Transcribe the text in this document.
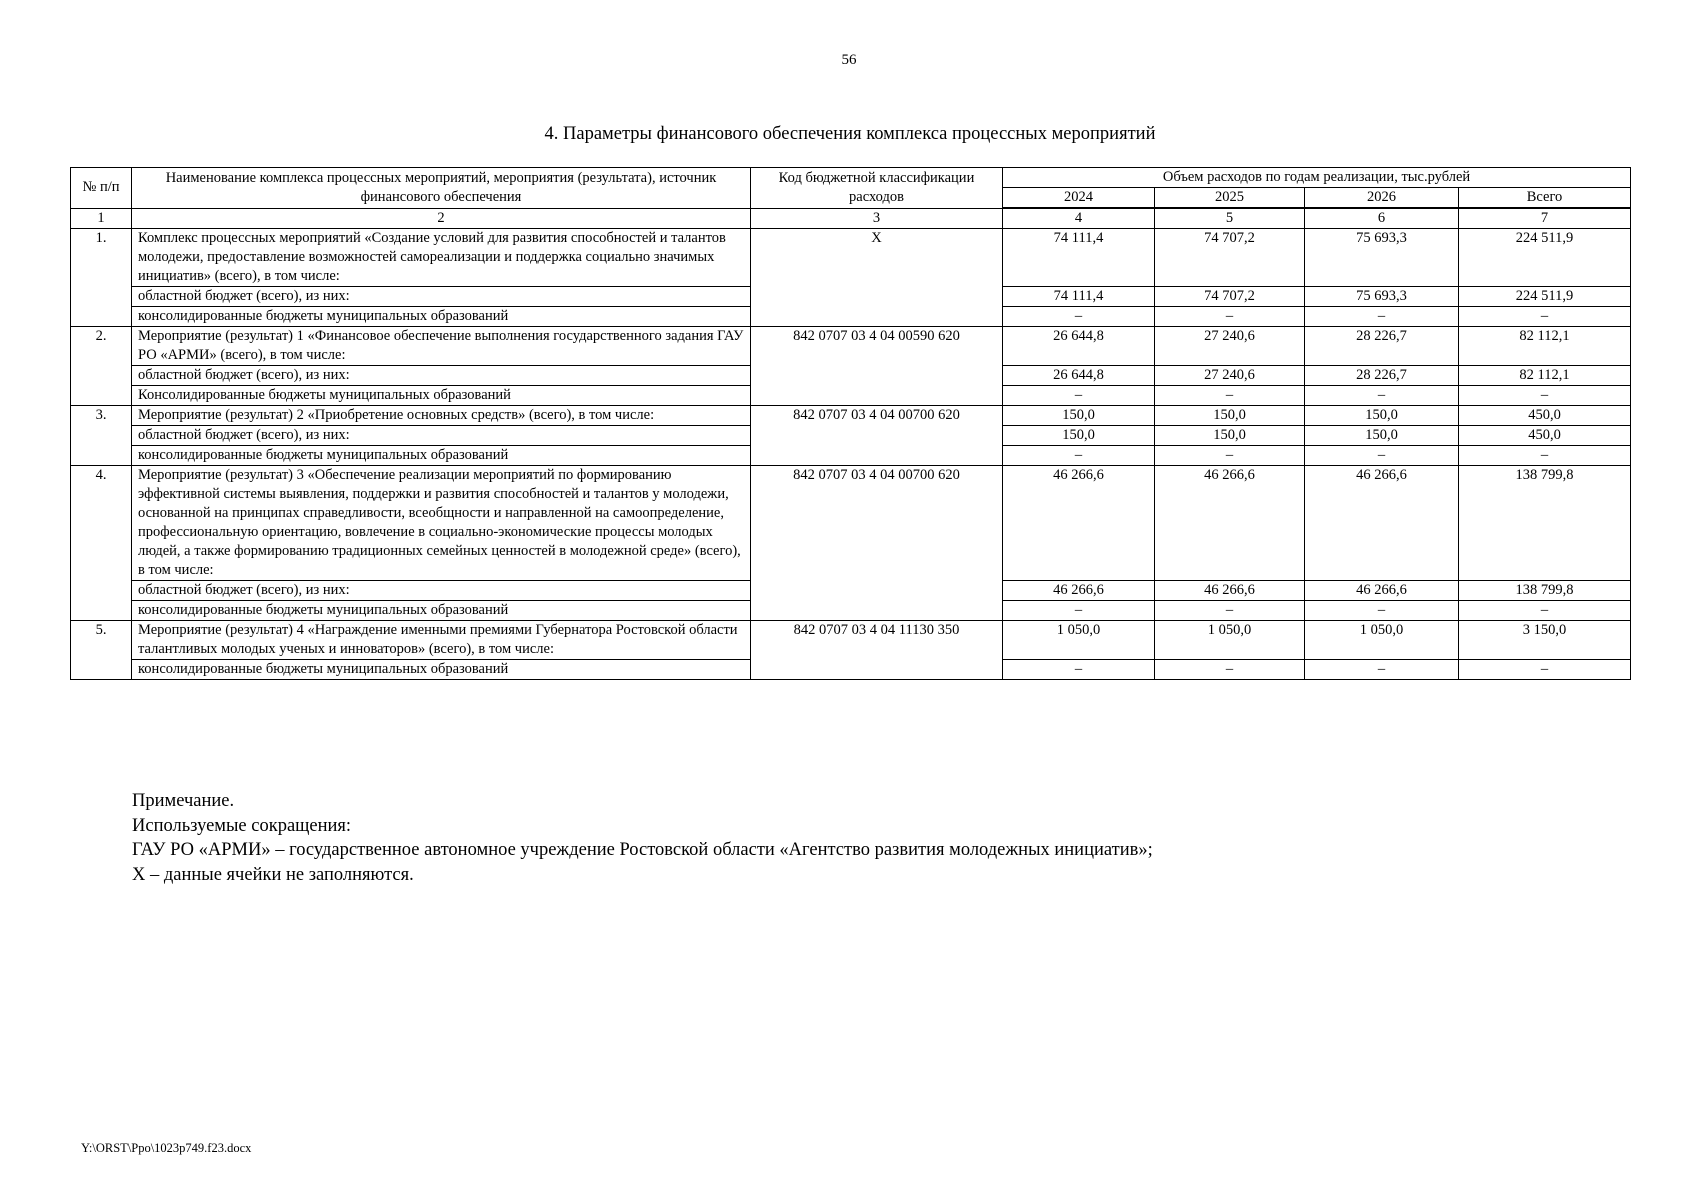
56
4. Параметры финансового обеспечения комплекса процессных мероприятий
№ п/п	Наименование комплекса процессных мероприятий, мероприятия (результата), источник финансового обеспечения	Код бюджетной классификации расходов	Объем расходов по годам реализации, тыс.рублей			
			2024	2025	2026	Всего
1	2	3	4	5	6	7
1.	Комплекс процессных мероприятий «Создание условий для развития способностей и талантов молодежи, предоставление возможностей самореализации и поддержка социально значимых инициатив» (всего), в том числе:	Х	74 111,4	74 707,2	75 693,3	224 511,9
	областной бюджет (всего), из них:		74 111,4	74 707,2	75 693,3	224 511,9
	консолидированные бюджеты муниципальных образований		–	–	–	–
2.	Мероприятие (результат) 1 «Финансовое обеспечение выполнения государственного задания ГАУ РО «АРМИ» (всего), в том числе:	842 0707 03 4 04 00590 620	26 644,8	27 240,6	28 226,7	82 112,1
	областной бюджет (всего), из них:		26 644,8	27 240,6	28 226,7	82 112,1
	Консолидированные бюджеты муниципальных образований		–	–	–	–
3.	Мероприятие (результат) 2 «Приобретение основных средств» (всего), в том числе:	842 0707 03 4 04 00700 620	150,0	150,0	150,0	450,0
	областной бюджет (всего), из них:		150,0	150,0	150,0	450,0
	консолидированные бюджеты муниципальных образований		–	–	–	–
4.	Мероприятие (результат) 3 «Обеспечение реализации мероприятий по формированию эффективной системы выявления, поддержки и развития способностей и талантов у молодежи, основанной на принципах справедливости, всеобщности и направленной на самоопределение, профессиональную ориентацию, вовлечение в социально-экономические процессы молодых людей, а также формированию традиционных семейных ценностей в молодежной среде» (всего), в том числе:	842 0707 03 4 04 00700 620	46 266,6	46 266,6	46 266,6	138 799,8
	областной бюджет (всего), из них:		46 266,6	46 266,6	46 266,6	138 799,8
	консолидированные бюджеты муниципальных образований		–	–	–	–
5.	Мероприятие (результат) 4 «Награждение именными премиями Губернатора Ростовской области талантливых молодых ученых и инноваторов» (всего), в том числе:	842 0707 03 4 04 11130 350	1 050,0	1 050,0	1 050,0	3 150,0
	консолидированные бюджеты муниципальных образований		–	–	–	–
Примечание.
Используемые сокращения:
ГАУ РО «АРМИ» – государственное автономное учреждение Ростовской области «Агентство развития молодежных инициатив»;
Х – данные ячейки не заполняются.
Y:\ORST\Ppo\1023p749.f23.docx
